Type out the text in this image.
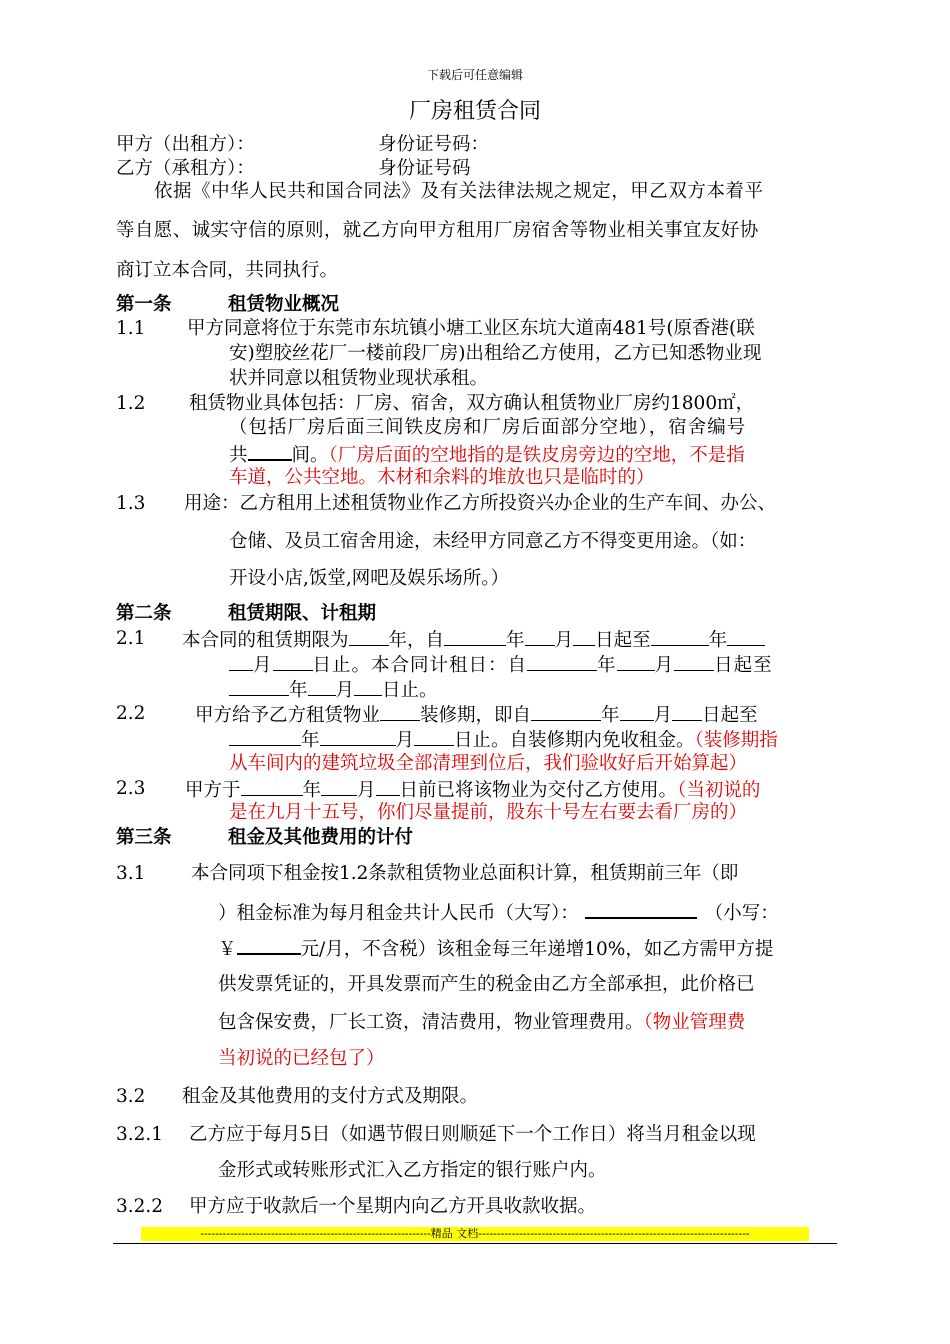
下载后可任意编辑
厂房租赁合同
甲方（出租方）：	身份证号码：
乙方（承租方）：	身份证号码
依据《中华人民共和国合同法》及有关法律法规之规定，甲乙双方本着平
等自愿、诚实守信的原则，就乙方向甲方租用厂房宿舍等物业相关事宜友好协
商订立本合同，共同执行。
第一条	租赁物业概况
1.1 甲方同意将位于东莞市东坑镇小塘工业区东坑大道南481号(原香港(联
安)塑胶丝花厂一楼前段厂房)出租给乙方使用，乙方已知悉物业现
状并同意以租赁物业现状承租。
1.2 租赁物业具体包括：厂房、宿舍，双方确认租赁物业厂房约1800㎡，
（包括厂房后面三间铁皮房和厂房后面部分空地），宿舍编号
共 间。（厂房后面的空地指的是铁皮房旁边的空地，不是指
车道，公共空地。木材和余料的堆放也只是临时的）
1.3 用途：乙方租用上述租赁物业作乙方所投资兴办企业的生产车间、办公、
仓储、及员工宿舍用途，未经甲方同意乙方不得变更用途。（如：
开设小店,饭堂,网吧及娱乐场所。）
第二条	租赁期限、计租期
2.1 本合同的租赁期限为 年，自	年 月 日起至	年
月 日止。本合同计租日：自	年 月 日起至
年 月 日止。
2.2	甲方给予乙方租赁物业 装修期，即自	年 月 日起至
年	月 日止。自装修期内免收租金。（装修期指
从车间内的建筑垃圾全部清理到位后，我们验收好后开始算起）
2.3 甲方于	年 月 日前已将该物业为交付乙方使用。（当初说的
是在九月十五号，你们尽量提前，股东十号左右要去看厂房的）
第三条	租金及其他费用的计付
3.1 本合同项下租金按1.2条款租赁物业总面积计算，租赁期前三年（即
）租金标准为每月租金共计人民币（大写）：	（小写：
￥	元/月，不含税）该租金每三年递增10%，如乙方需甲方提
供发票凭证的，开具发票而产生的税金由乙方全部承担，此价格已
包含保安费，厂长工资，清洁费用，物业管理费用。（物业管理费
当初说的已经包了）
3.2 租金及其他费用的支付方式及期限。
3.2.1 乙方应于每月5日（如遇节假日则顺延下一个工作日）将当月租金以现
金形式或转账形式汇入乙方指定的银行账户内。
3.2.2 甲方应于收款后一个星期内向乙方开具收款收据。
--------------------------------------------------------------精品 文档-------------------------------------------------------------------------
